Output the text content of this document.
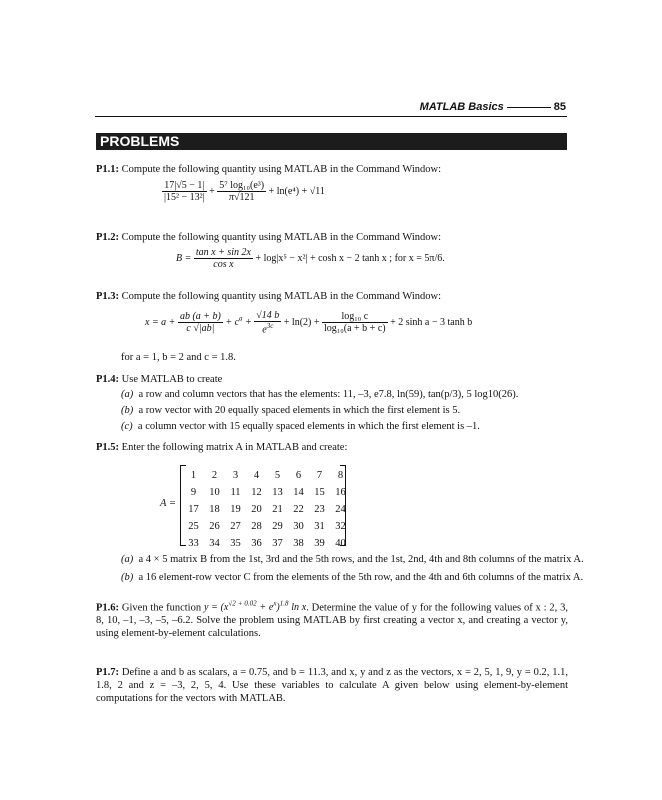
MATLAB Basics	85
PROBLEMS
P1.1: Compute the following quantity using MATLAB in the Command Window:
$\frac{17|√5 - 1|}{\text{|15² − 13²|}} + \frac{\text{5⁷ log₁₀(e³)}}{\pi√121} + \ln(e^4) + √11$
P1.2: Compute the following quantity using MATLAB in the Command Window:
$B = \frac{\text{tan x + sin 2x}}{\text{cos x}} + \log|x^5 - x^2| + \cosh x - 2$ tanh x ; for x = 5π/6.
P1.3: Compute the following quantity using MATLAB in the Command Window:
$x = a + \frac{ab (a + b)}{c √|ab|} + c^a + \frac{√14 b}{e^{3c}} + \ln(2) + \frac{\text{log₁₀ c}}{\text{log₁₀(a + b + c)}} + 2$ sinh a − 3 tanh b
for a = 1, b = 2 and c = 1.8.
P1.4: Use MATLAB to create
(a) a row and column vectors that has the elements: 11, –3, e7.8, ln(59), tan(p/3), 5 log10(26).
(b) a row vector with 20 equally spaced elements in which the first element is 5.
(c) a column vector with 15 equally spaced elements in which the first element is –1.
P1.5: Enter the following matrix A in MATLAB and create:
A =
1	2	3	4	5	6	7	8
9	10	11	12	13	14	15	16
17	18	19	20	21	22	23	24
25	26	27	28	29	30	31	32
33	34	35	36	37	38	39	40
(a) a 4 × 5 matrix B from the 1st, 3rd and the 5th rows, and the 1st, 2nd, 4th and 8th columns of the matrix A.
(b) a 16 element-row vector C from the elements of the 5th row, and the 4th and 6th columns of the matrix A.
P1.6: Given the function $y = (x^{√2 + 0.02} + e^x)^{1.8}$ ln x. Determine the value of y for the following values of x : 2, 3, 8, 10, –1, –3, –5, –6.2. Solve the problem using MATLAB by first creating a vector x, and creating a vector y, using element-by-element calculations.
P1.7: Define a and b as scalars, a = 0.75, and b = 11.3, and x, y and z as the vectors, x = 2, 5, 1, 9, y = 0.2, 1.1, 1.8, 2 and z = –3, 2, 5, 4. Use these variables to calculate A given below using element-by-element computations for the vectors with MATLAB.
